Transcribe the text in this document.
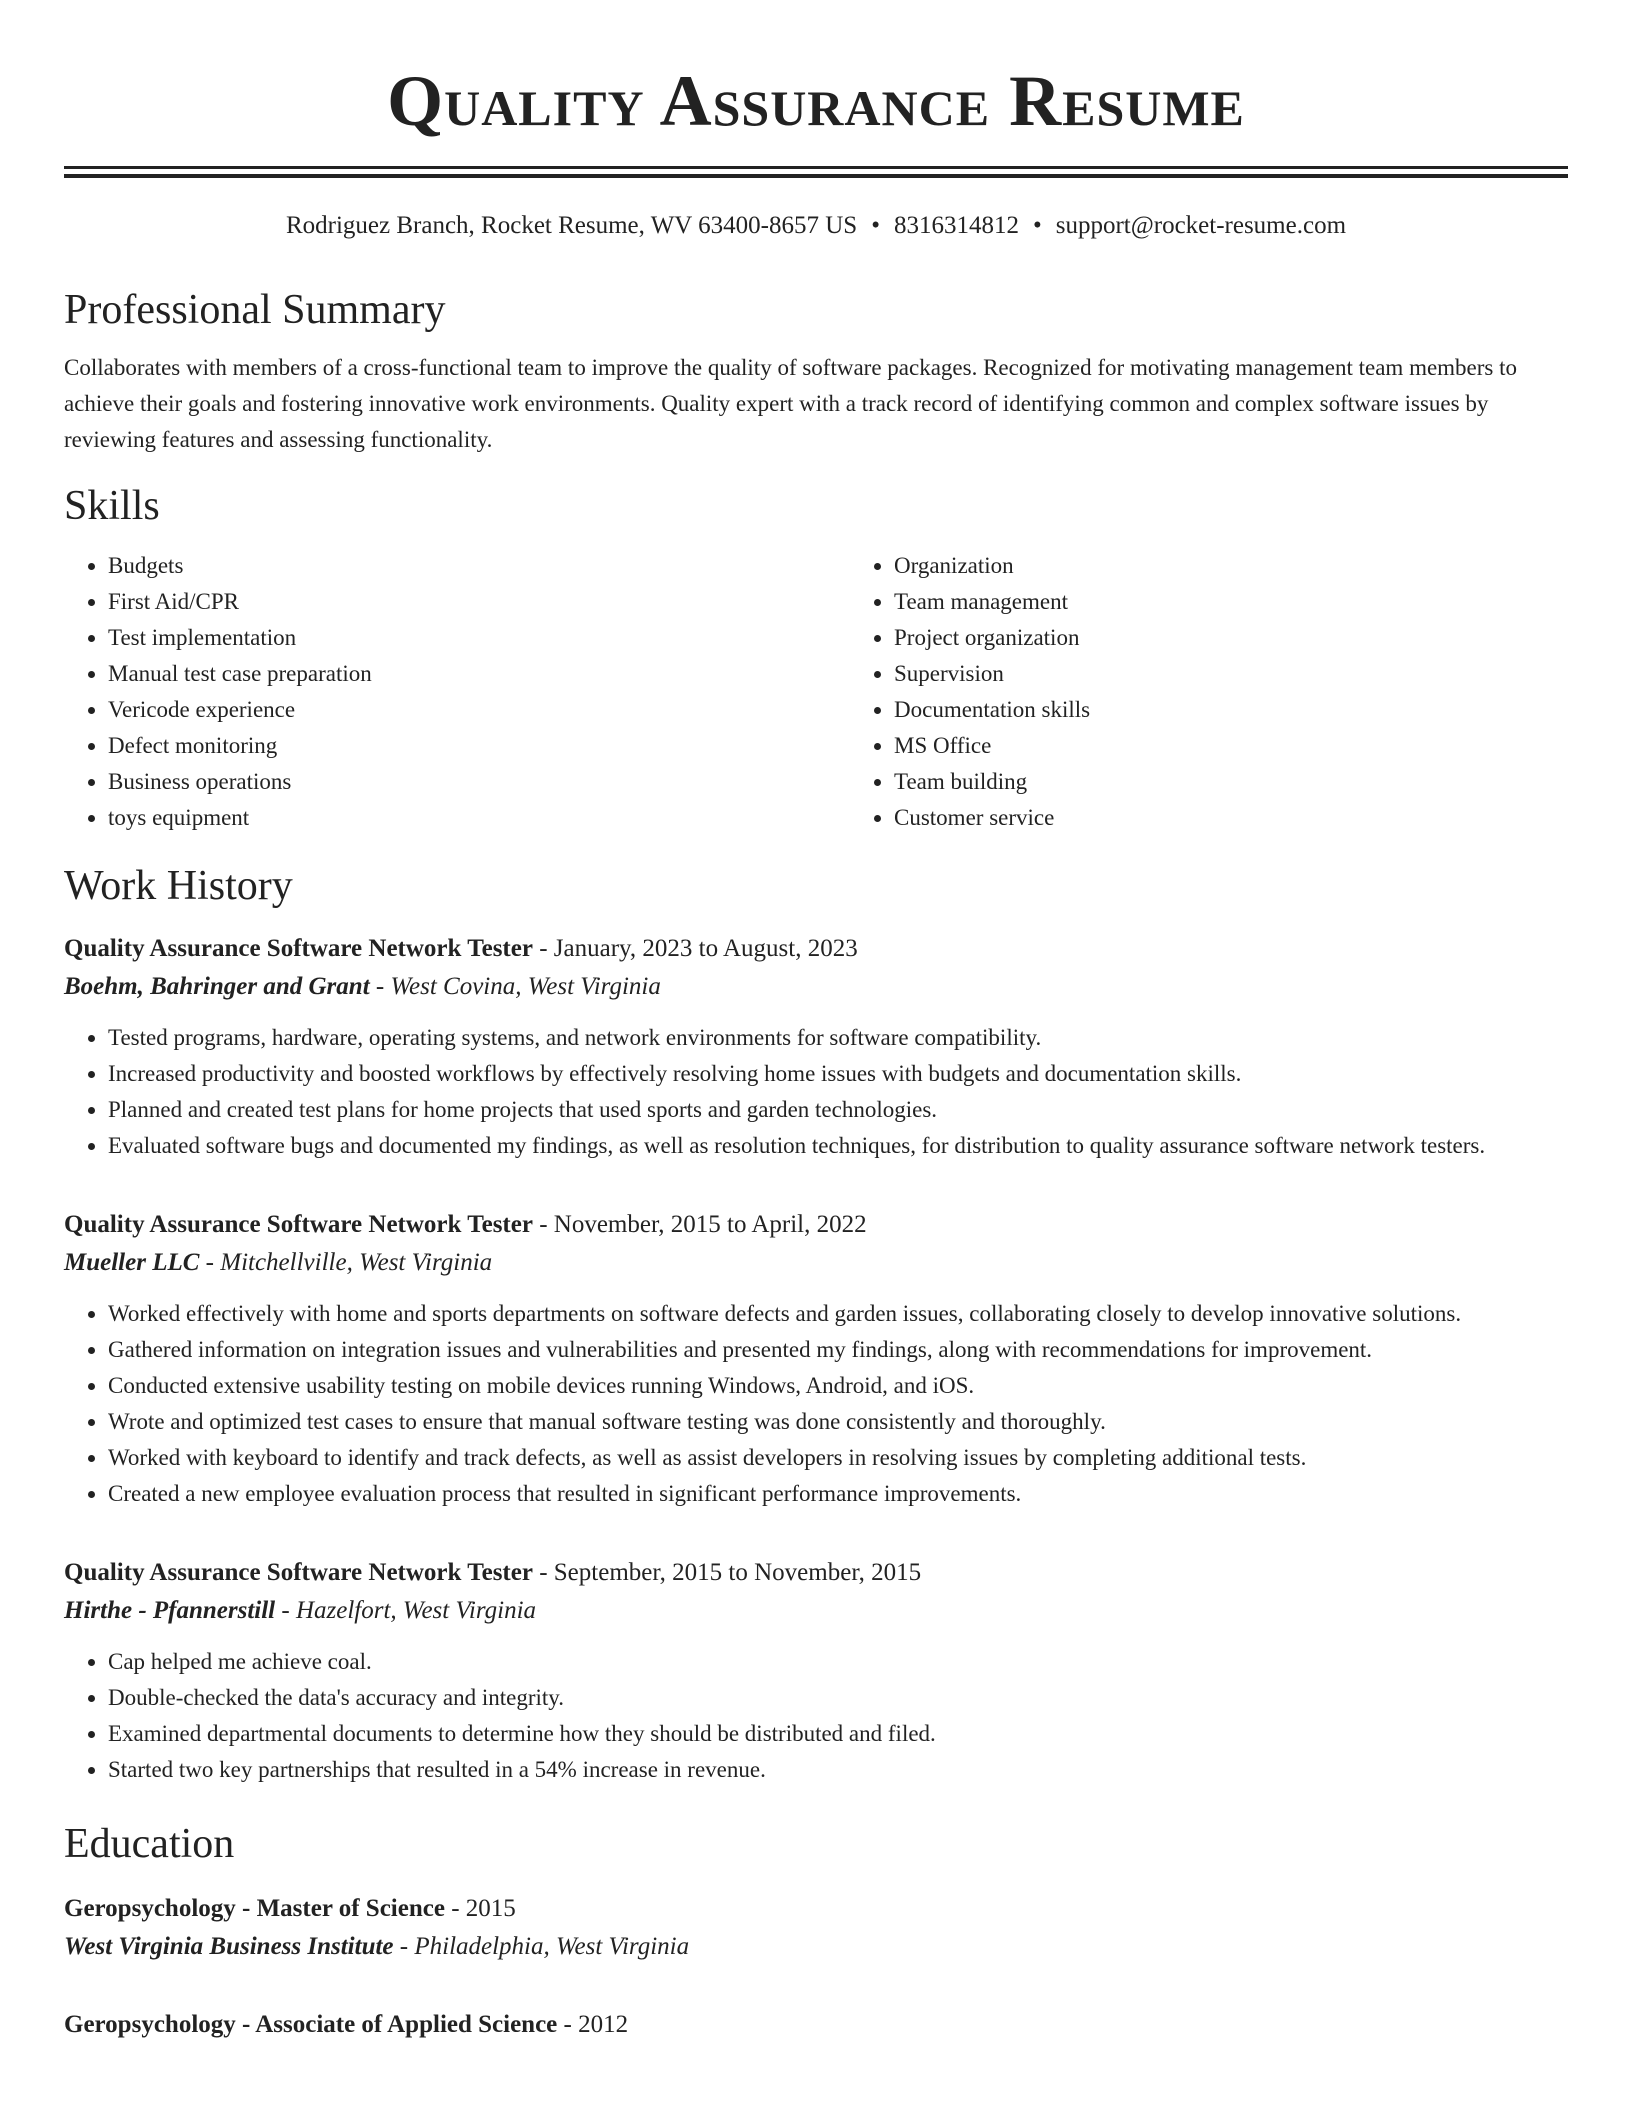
Quality Assurance Resume
Rodriguez Branch, Rocket Resume, WV 63400-8657 US • 8316314812 • support@rocket-resume.com
Professional Summary

Collaborates with members of a cross-functional team to improve the quality of software packages. Recognized for motivating management team members to achieve their goals and fostering innovative work environments. Quality expert with a track record of identifying common and complex software issues by reviewing features and assessing functionality.

Skills
• Budgets
• First Aid/CPR
• Test implementation
• Manual test case preparation
• Vericode experience
• Defect monitoring
• Business operations
• toys equipment
• Organization
• Team management
• Project organization
• Supervision
• Documentation skills
• MS Office
• Team building
• Customer service
Work History
Quality Assurance Software Network Tester - January, 2023 to August, 2023
Boehm, Bahringer and Grant - West Covina, West Virginia
• Tested programs, hardware, operating systems, and network environments for software compatibility.
• Increased productivity and boosted workflows by effectively resolving home issues with budgets and documentation skills.
• Planned and created test plans for home projects that used sports and garden technologies.
• Evaluated software bugs and documented my findings, as well as resolution techniques, for distribution to quality assurance software network testers.
Quality Assurance Software Network Tester - November, 2015 to April, 2022
Mueller LLC - Mitchellville, West Virginia
• Worked effectively with home and sports departments on software defects and garden issues, collaborating closely to develop innovative solutions.
• Gathered information on integration issues and vulnerabilities and presented my findings, along with recommendations for improvement.
• Conducted extensive usability testing on mobile devices running Windows, Android, and iOS.
• Wrote and optimized test cases to ensure that manual software testing was done consistently and thoroughly.
• Worked with keyboard to identify and track defects, as well as assist developers in resolving issues by completing additional tests.
• Created a new employee evaluation process that resulted in significant performance improvements.
Quality Assurance Software Network Tester - September, 2015 to November, 2015
Hirthe - Pfannerstill - Hazelfort, West Virginia
• Cap helped me achieve coal.
• Double-checked the data's accuracy and integrity.
• Examined departmental documents to determine how they should be distributed and filed.
• Started two key partnerships that resulted in a 54% increase in revenue.
Education
Geropsychology - Master of Science - 2015
West Virginia Business Institute - Philadelphia, West Virginia
Geropsychology - Associate of Applied Science - 2012
